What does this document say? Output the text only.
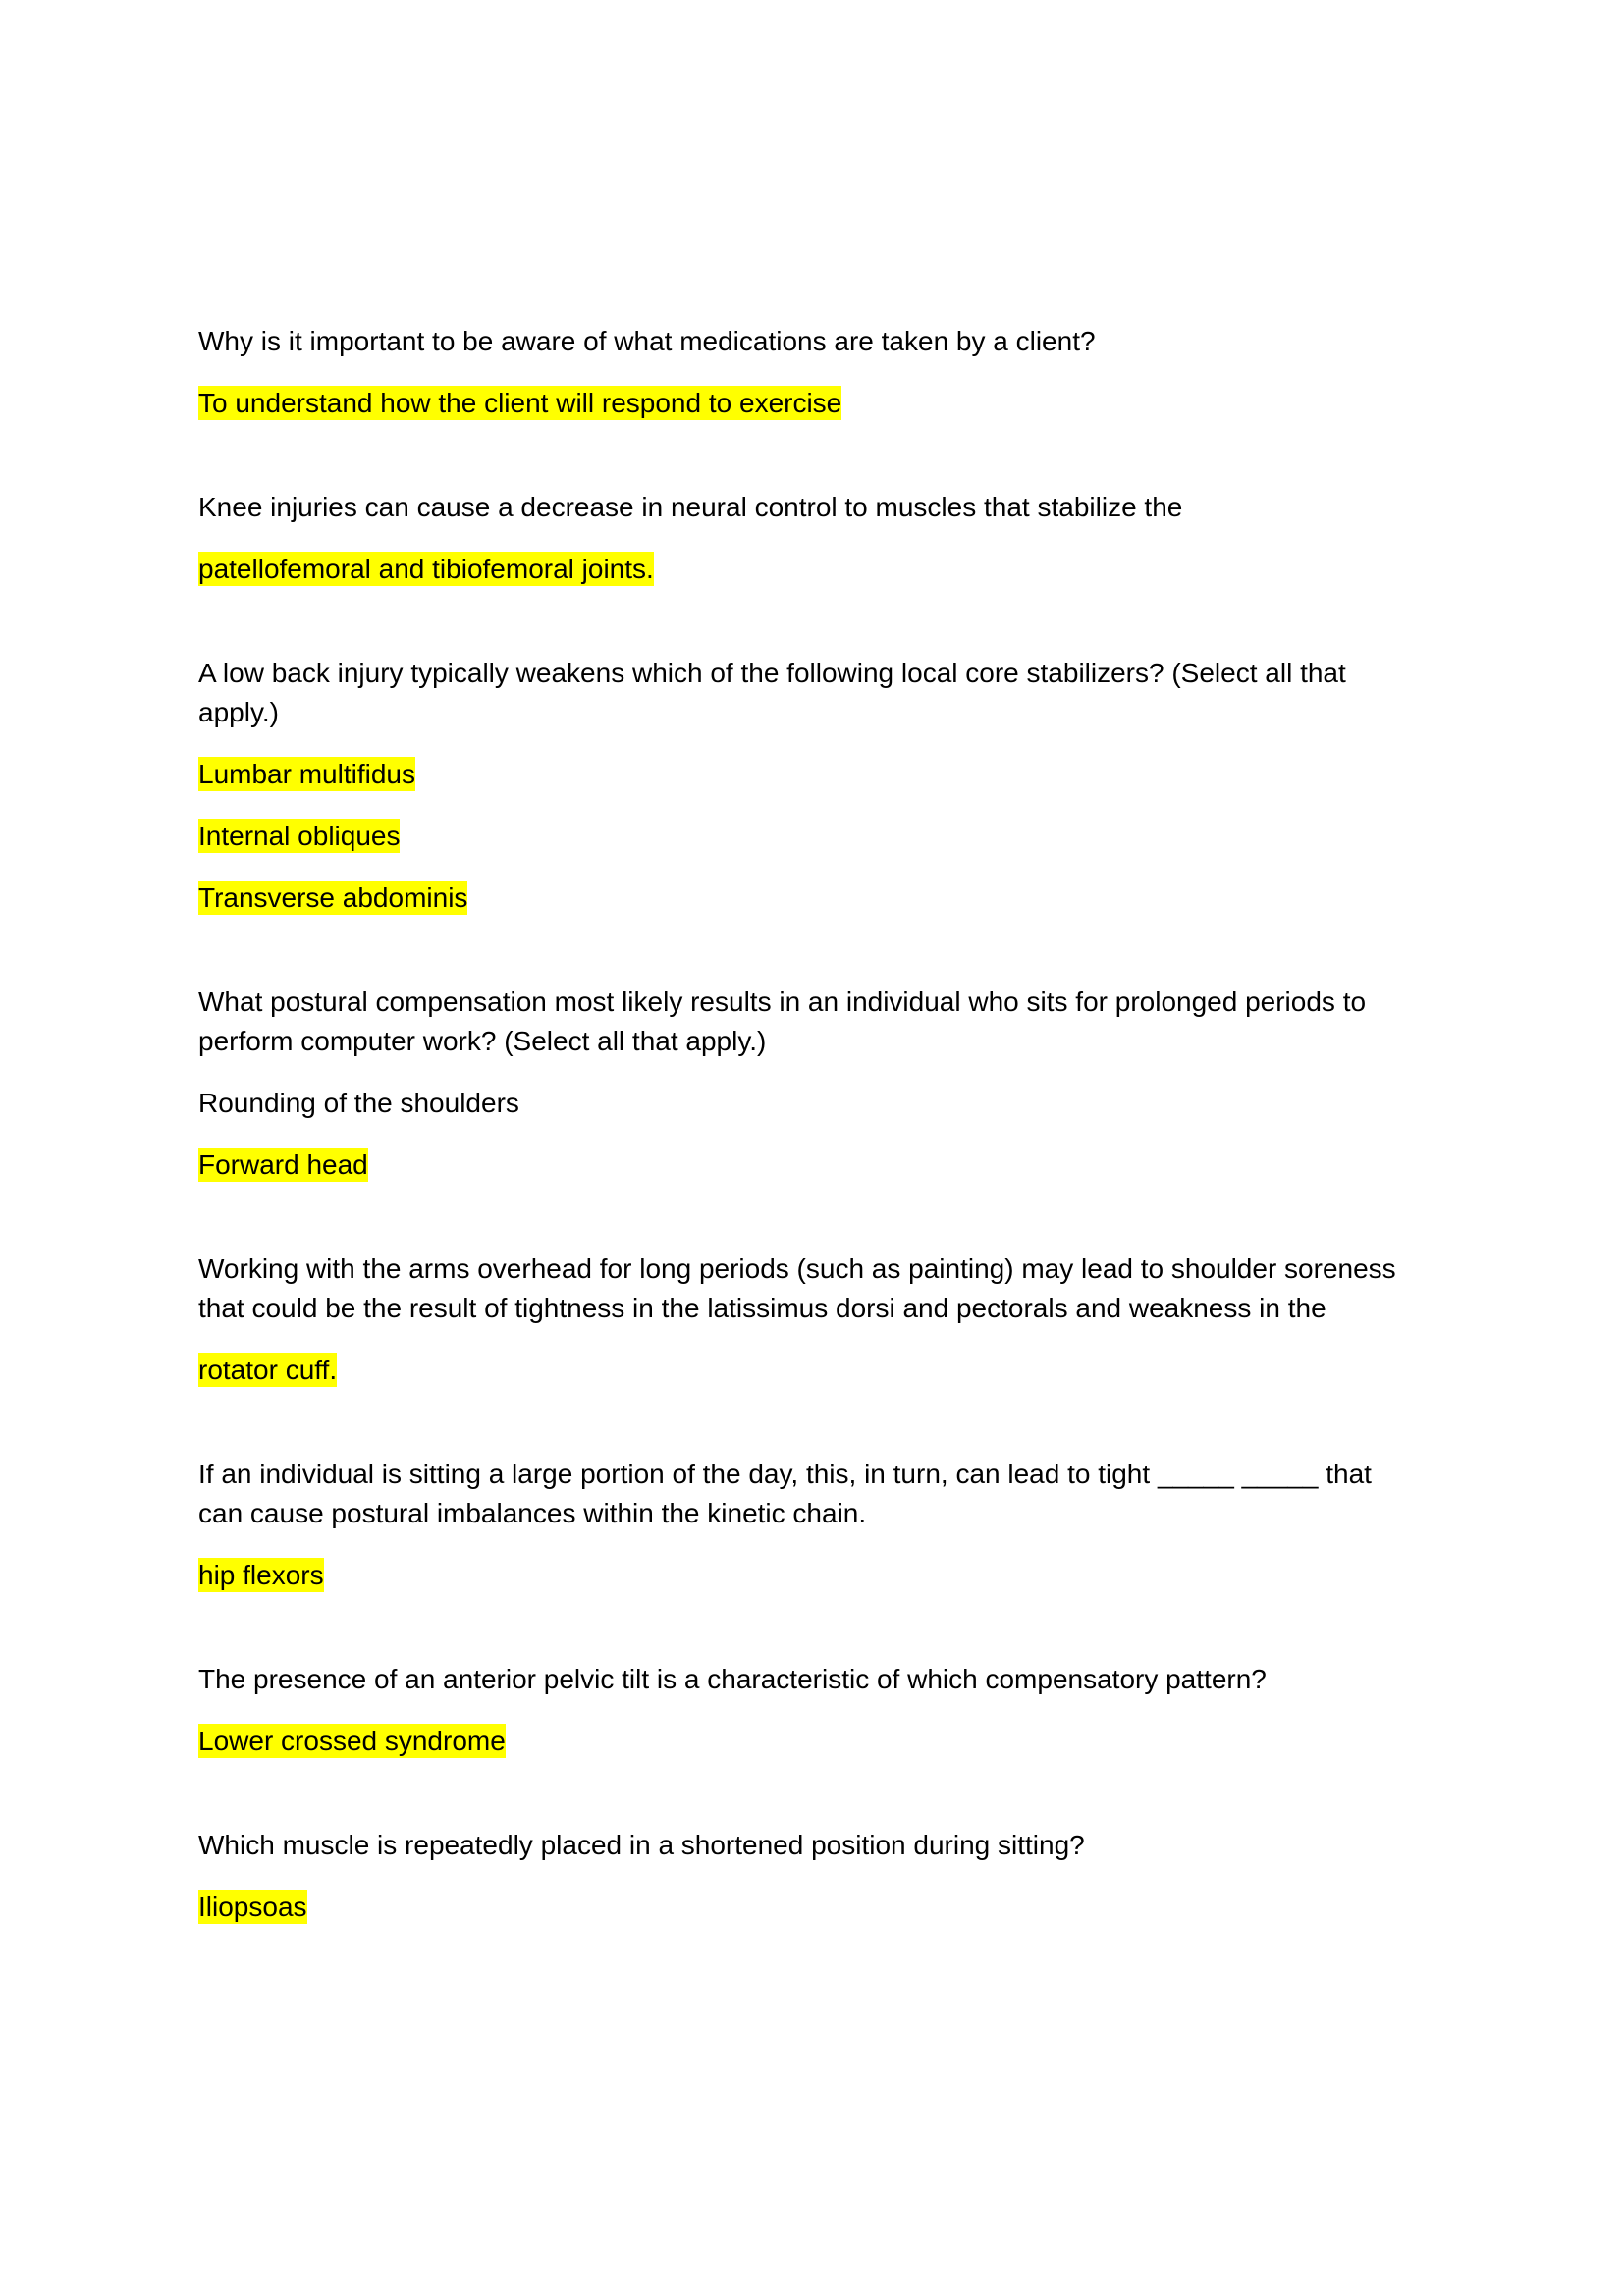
Why is it important to be aware of what medications are taken by a client?

To understand how the client will respond to exercise

Knee injuries can cause a decrease in neural control to muscles that stabilize the

patellofemoral and tibiofemoral joints.

A low back injury typically weakens which of the following local core stabilizers? (Select all that apply.)

Lumbar multifidus

Internal obliques

Transverse abdominis

What postural compensation most likely results in an individual who sits for prolonged periods to perform computer work? (Select all that apply.)

Rounding of the shoulders

Forward head

Working with the arms overhead for long periods (such as painting) may lead to shoulder soreness that could be the result of tightness in the latissimus dorsi and pectorals and weakness in the

rotator cuff.

If an individual is sitting a large portion of the day, this, in turn, can lead to tight _____ _____ that can cause postural imbalances within the kinetic chain.

hip flexors

The presence of an anterior pelvic tilt is a characteristic of which compensatory pattern?

Lower crossed syndrome

Which muscle is repeatedly placed in a shortened position during sitting?

Iliopsoas
